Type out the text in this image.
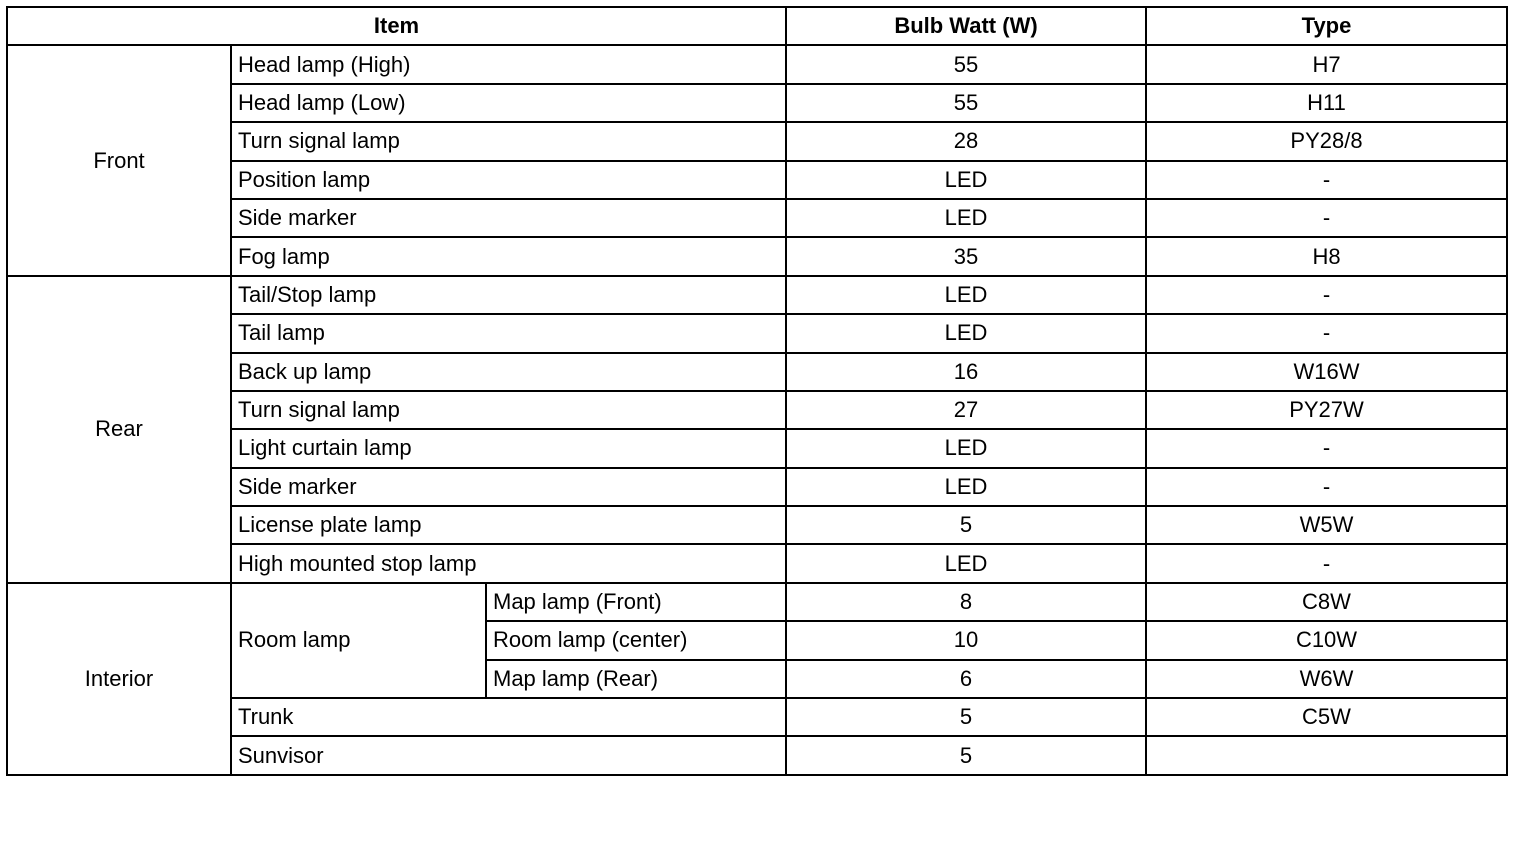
Item			Bulb Watt (W)	Type
Front	Head lamp (High)		55	H7
	Head lamp (Low)		55	H11
	Turn signal lamp		28	PY28/8
	Position lamp		LED	-
	Side marker		LED	-
	Fog lamp		35	H8
Rear	Tail/Stop lamp		LED	-
	Tail lamp		LED	-
	Back up lamp		16	W16W
	Turn signal lamp		27	PY27W
	Light curtain lamp		LED	-
	Side marker		LED	-
	License plate lamp		5	W5W
	High mounted stop lamp		LED	-
Interior	Room lamp	Map lamp (Front)	8	C8W
		Room lamp (center)	10	C10W
		Map lamp (Rear)	6	W6W
	Trunk		5	C5W
	Sunvisor		5	
